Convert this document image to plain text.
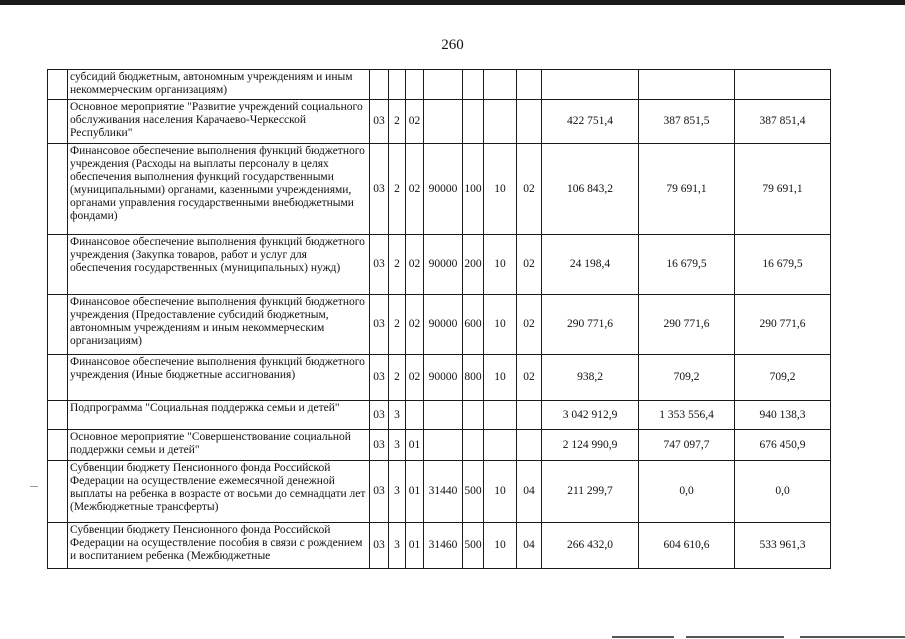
260
	субсидий бюджетным, автономным учреждениям и иным некоммерческим организациям)										
	Основное мероприятие "Развитие учреждений социального обслуживания населения Карачаево-Черкесской Республики"	03	2	02					422 751,4	387 851,5	387 851,4
	Финансовое обеспечение выполнения функций бюджетного учреждения (Расходы на выплаты персоналу в целях обеспечения выполнения функций государственными (муниципальными) органами, казенными учреждениями, органами управления государственными внебюджетными фондами)	03	2	02	90000	100	10	02	106 843,2	79 691,1	79 691,1
	Финансовое обеспечение выполнения функций бюджетного учреждения (Закупка товаров, работ и услуг для обеспечения государственных (муниципальных) нужд)	03	2	02	90000	200	10	02	24 198,4	16 679,5	16 679,5
	Финансовое обеспечение выполнения функций бюджетного учреждения (Предоставление субсидий бюджетным, автономным учреждениям и иным некоммерческим организациям)	03	2	02	90000	600	10	02	290 771,6	290 771,6	290 771,6
	Финансовое обеспечение выполнения функций бюджетного учреждения (Иные бюджетные ассигнования)	03	2	02	90000	800	10	02	938,2	709,2	709,2
	Подпрограмма "Социальная поддержка семьи и детей"	03	3						3 042 912,9	1 353 556,4	940 138,3
	Основное мероприятие "Совершенствование социальной поддержки семьи и детей"	03	3	01					2 124 990,9	747 097,7	676 450,9
	Субвенции бюджету Пенсионного фонда Российской Федерации на осуществление ежемесячной денежной выплаты на ребенка в возрасте от восьми до семнадцати лет (Межбюджетные трансферты)	03	3	01	31440	500	10	04	211 299,7	0,0	0,0
	Субвенции бюджету Пенсионного фонда Российской Федерации на осуществление пособия в связи с рождением и воспитанием ребенка (Межбюджетные	03	3	01	31460	500	10	04	266 432,0	604 610,6	533 961,3
